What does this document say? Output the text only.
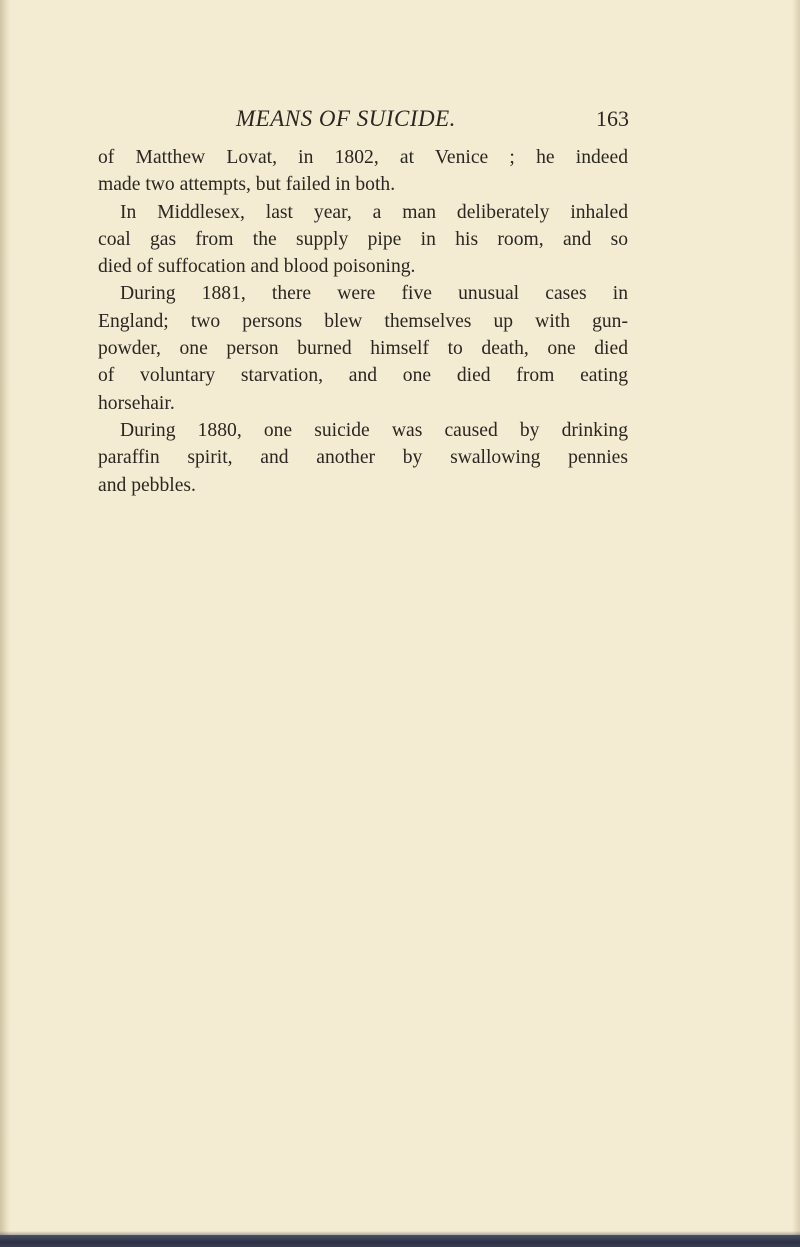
MEANS OF SUICIDE.	163

of Matthew Lovat, in 1802, at Venice ; he indeed
made two attempts, but failed in both.

In Middlesex, last year, a man deliberately inhaled
coal gas from the supply pipe in his room, and so
died of suffocation and blood poisoning.

During 1881, there were five unusual cases in
England; two persons blew themselves up with gun-
powder, one person burned himself to death, one died
of voluntary starvation, and one died from eating
horsehair.

During 1880, one suicide was caused by drinking
paraffin spirit, and another by swallowing pennies
and pebbles.
